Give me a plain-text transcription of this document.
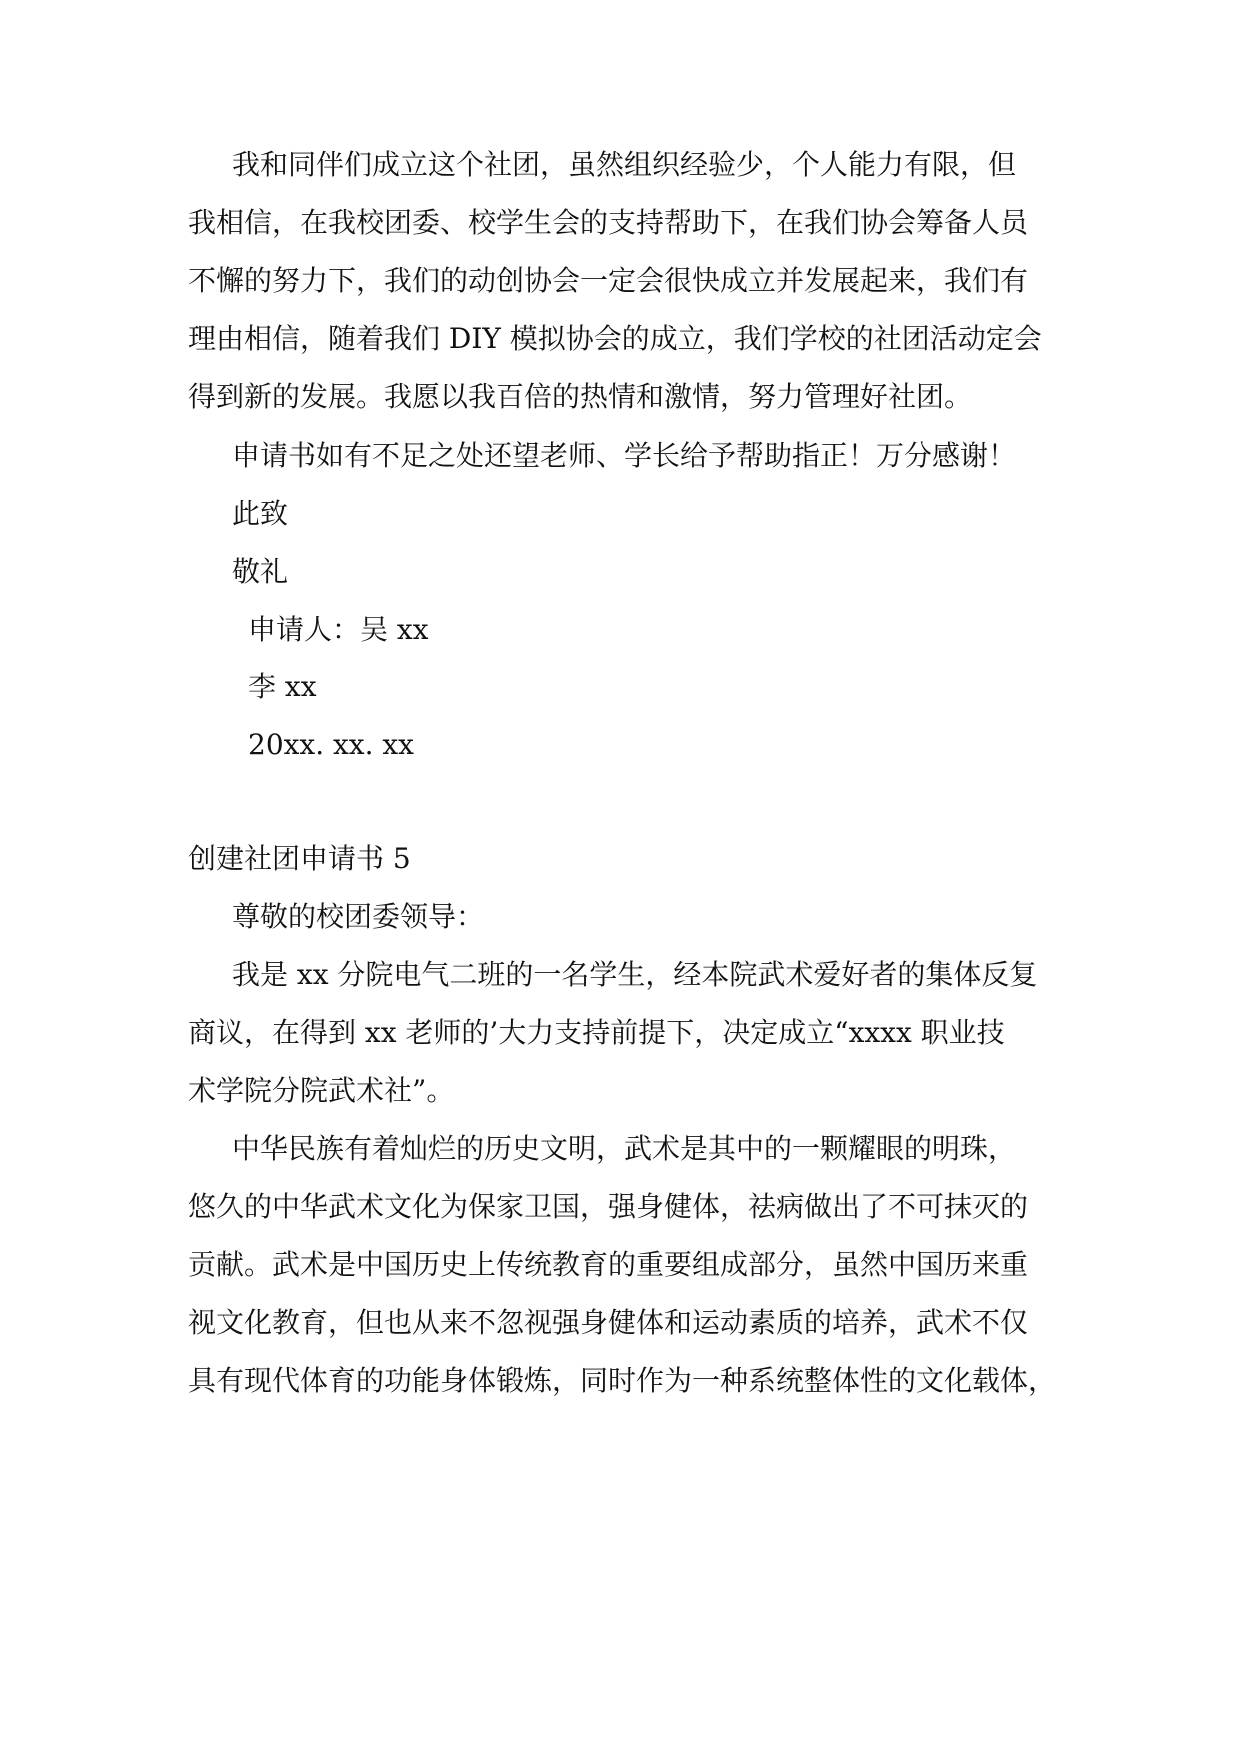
我和同伴们成立这个社团，虽然组织经验少，个人能力有限，但
我相信，在我校团委、校学生会的支持帮助下，在我们协会筹备人员
不懈的努力下，我们的动创协会一定会很快成立并发展起来，我们有
理由相信，随着我们 DIY 模拟协会的成立，我们学校的社团活动定会
得到新的发展。我愿以我百倍的热情和激情，努力管理好社团。
申请书如有不足之处还望老师、学长给予帮助指正！万分感谢！
此致
敬礼
申请人：吴 xx
李 xx
20xx. xx. xx
创建社团申请书 5
尊敬的校团委领导：
我是 xx 分院电气二班的一名学生，经本院武术爱好者的集体反复
商议，在得到 xx 老师的’大力支持前提下，决定成立“xxxx 职业技
术学院分院武术社”。
中华民族有着灿烂的历史文明，武术是其中的一颗耀眼的明珠，
悠久的中华武术文化为保家卫国，强身健体，祛病做出了不可抹灭的
贡献。武术是中国历史上传统教育的重要组成部分，虽然中国历来重
视文化教育，但也从来不忽视强身健体和运动素质的培养，武术不仅
具有现代体育的功能身体锻炼，同时作为一种系统整体性的文化载体，
